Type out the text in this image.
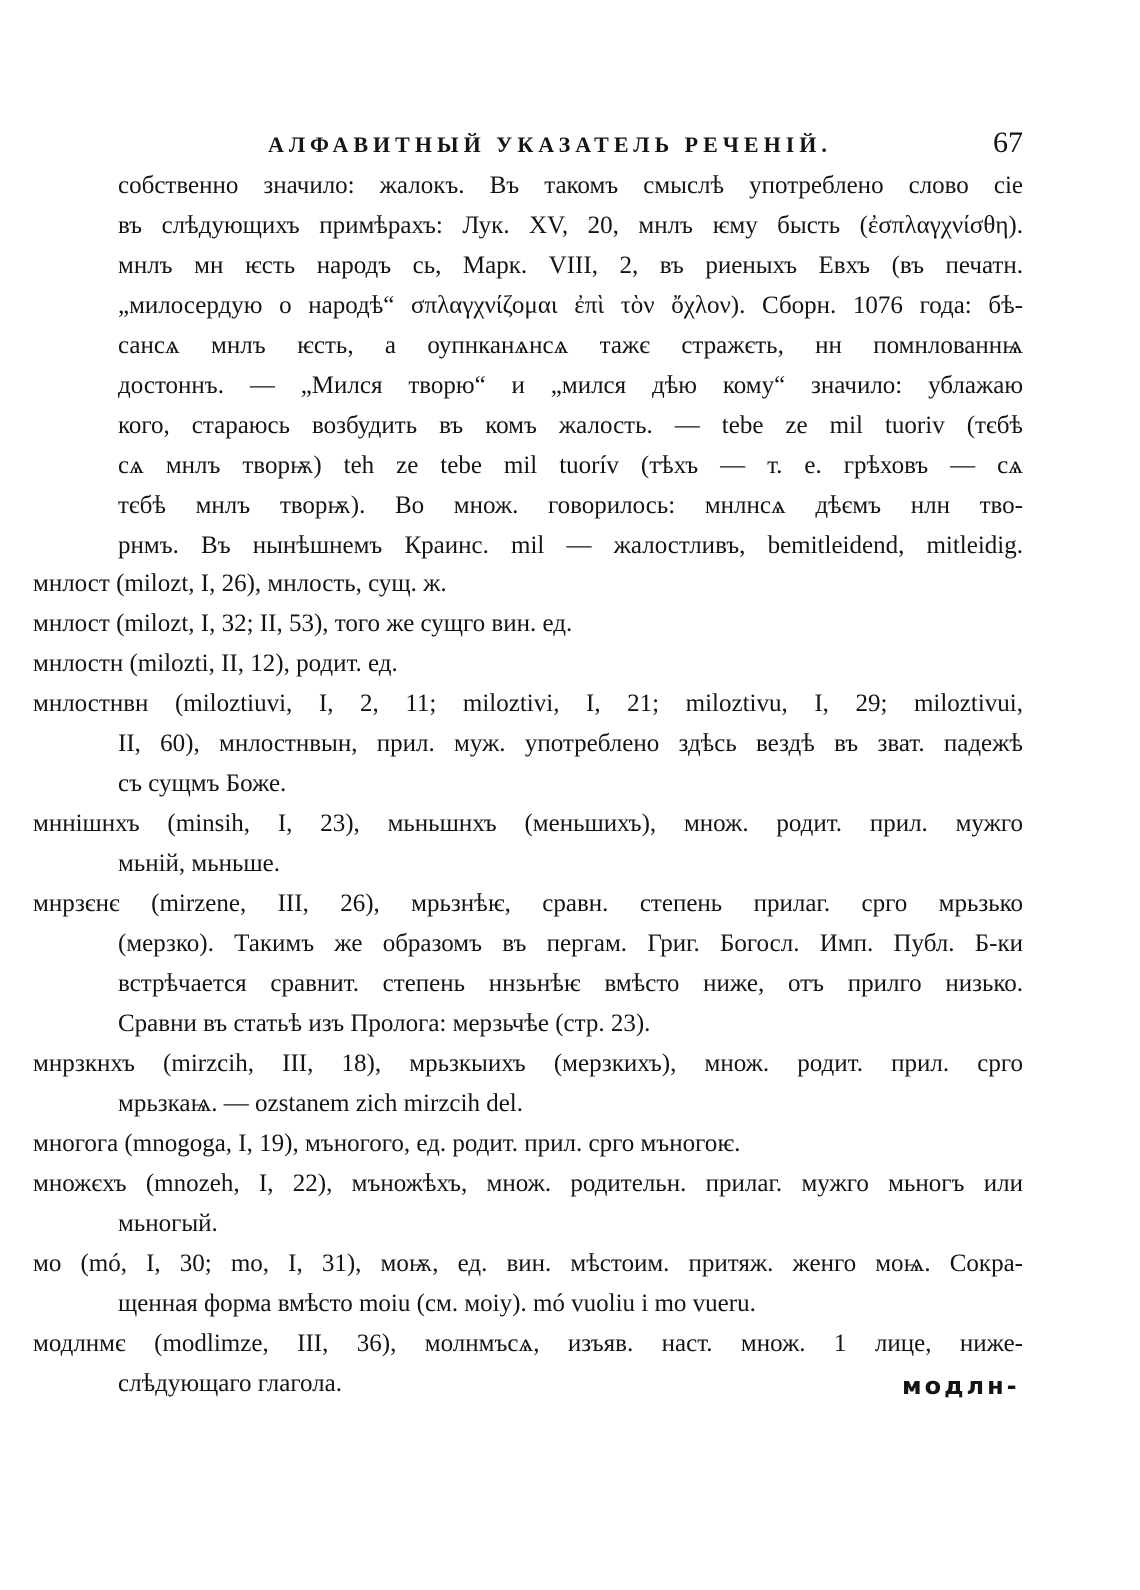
АЛФАВИТНЫЙ УКАЗАТЕЛЬ РЕЧЕНІЙ.	67
собственно значило: жалокъ. Въ такомъ смыслѣ употреблено слово сіе
въ слѣдующихъ примѣрахъ: Лук. XV, 20, мнлъ ѥму бысть (ἐσπλαγχνίσθη).
мнлъ мн ѥсть народъ сь, Марк. VIII, 2, въ риеныхъ Евхъ (въ печатн.
„милосердую о народѣ“ σπλαγχνίζομαι ἐπὶ τὸν ὄχλον). Сборн. 1076 года: бѣ-
сансѧ мнлъ ѥсть, а оупнканѧнсѧ тажє стражєть, нн помнлованнѩ
достоннъ. — „Мился творю“ и „мился дѣю кому“ значило: ублажаю
кого, стараюсь возбудить въ комъ жалость. — tebe ze mil tuoriv (тєбѣ
сѧ мнлъ творѭ) teh ze tebe mil tuorív (тѣхъ — т. е. грѣховъ — сѧ
тєбѣ мнлъ творѭ). Во множ. говорилось: мнлнсѧ дѣємъ нлн тво-
рнмъ. Въ нынѣшнемъ Краинс. mil — жалостливъ, bemitleidend, mitleidig.
мнлост (milozt, I, 26), мнлость, сущ. ж.
мнлост (milozt, I, 32; II, 53), того же сущго вин. ед.
мнлостн (milozti, II, 12), родит. ед.
мнлостнвн (miloztiuvi, I, 2, 11; miloztivi, I, 21; miloztivu, I, 29; miloztivui,
II, 60), мнлостнвын, прил. муж. употреблено здѣсь вездѣ въ зват. падежѣ
съ сущмъ Боже.
мннішнхъ (minsih, I, 23), мьньшнхъ (меньшихъ), множ. родит. прил. мужго
мьній, мьньше.
мнрзєнє (mirzene, III, 26), мрьзнѣѥ, сравн. степень прилаг. срго мрьзько
(мерзко). Такимъ же образомъ въ пергам. Григ. Богосл. Имп. Публ. Б-ки
встрѣчается сравнит. степень ннзьнѣѥ вмѣсто ниже, отъ прилго низько.
Сравни въ статьѣ изъ Пролога: мерзьчѣе (стр. 23).
мнрзкнхъ (mirzcih, III, 18), мрьзкыихъ (мерзкихъ), множ. родит. прил. срго
мрьзкаѩ. — ozstanem zich mirzcih del.
многога (mnogoga, I, 19), мъногого, ед. родит. прил. срго мъногоѥ.
множєхъ (mnozeh, I, 22), мъножѣхъ, множ. родительн. прилаг. мужго мьногъ или
мьногый.
мо (mó, I, 30; mo, I, 31), моѭ, ед. вин. мѣстоим. притяж. женго моѩ. Сокра-
щенная форма вмѣсто moiu (см. моіу). mó vuoliu i mo vueru.
модлнмє (modlimze, III, 36), молнмъсѧ, изъяв. наст. множ. 1 лице, ниже-
слѣдующаго глагола.	модлн-
